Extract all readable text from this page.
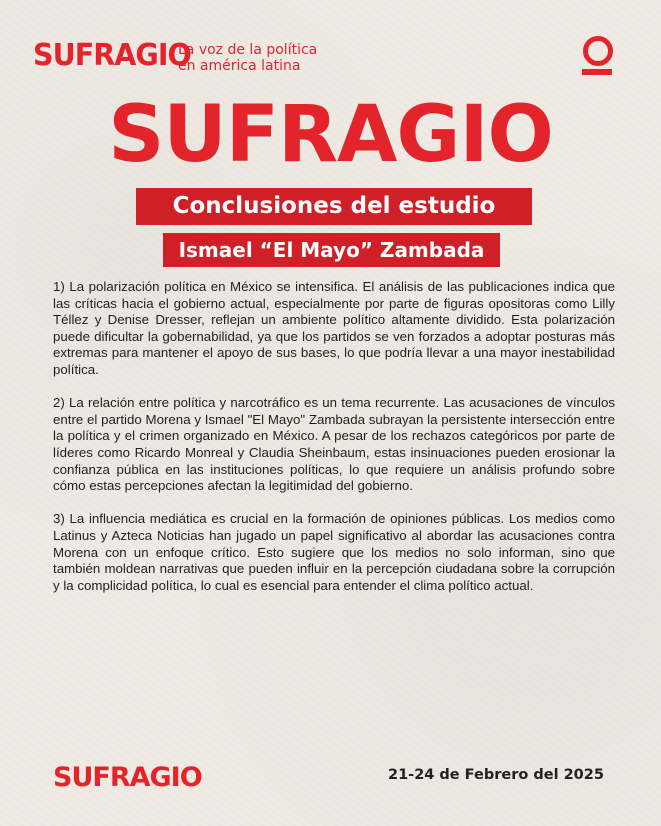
SUFRAGIO
La voz de la política
en américa latina
SUFRAGIO
Conclusiones del estudio
Ismael “El Mayo” Zambada

1) La polarización política en México se intensifica. El análisis de las publicaciones indica que las críticas hacia el gobierno actual, especialmente por parte de figuras opositoras como Lilly Téllez y Denise Dresser, reflejan un ambiente político altamente dividido. Esta polarización puede dificultar la gobernabilidad, ya que los partidos se ven forzados a adoptar posturas más extremas para mantener el apoyo de sus bases, lo que podría llevar a una mayor inestabilidad política.

2) La relación entre política y narcotráfico es un tema recurrente. Las acusaciones de vínculos entre el partido Morena y Ismael "El Mayo" Zambada subrayan la persistente intersección entre la política y el crimen organizado en México. A pesar de los rechazos categóricos por parte de líderes como Ricardo Monreal y Claudia Sheinbaum, estas insinuaciones pueden erosionar la confianza pública en las instituciones políticas, lo que requiere un análisis profundo sobre cómo estas percepciones afectan la legitimidad del gobierno.

3) La influencia mediática es crucial en la formación de opiniones públicas. Los medios como Latinus y Azteca Noticias han jugado un papel significativo al abordar las acusaciones contra Morena con un enfoque crítico. Esto sugiere que los medios no solo informan, sino que también moldean narrativas que pueden influir en la percepción ciudadana sobre la corrupción y la complicidad política, lo cual es esencial para entender el clima político actual.

SUFRAGIO	21-24 de Febrero del 2025
